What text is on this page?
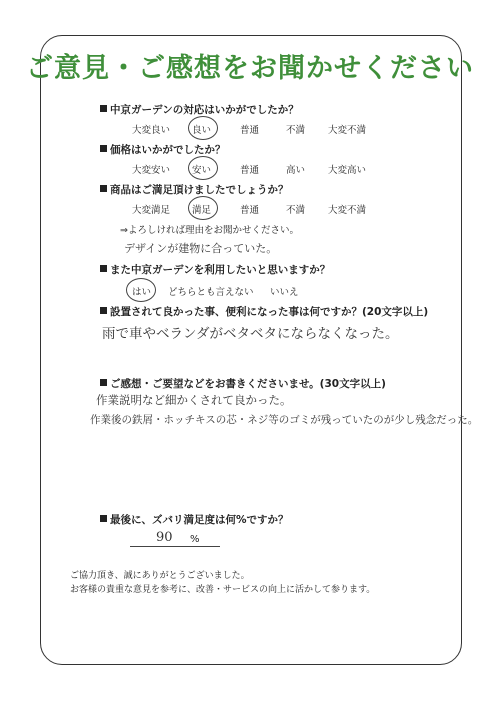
ご意見・ご感想をお聞かせください
中京ガーデンの対応はいかがでしたか？
大変良い 良い	普通	不満 大変不満
価格はいかがでしたか？
大変安い 安い	普通	高い 大変高い
商品はご満足頂けましたでしょうか？
大変満足 満足	普通	不満 大変不満
⇒よろしければ理由をお聞かせください。
デザインが建物に合っていた。
また中京ガーデンを利用したいと思いますか？
はい どちらとも言えない いいえ
設置されて良かった事、便利になった事は何ですか？(20文字以上)
雨で車やベランダがベタベタにならなくなった。
ご感想・ご要望などをお書きくださいませ。(30文字以上)
作業説明など細かくされて良かった。
作業後の鉄屑・ホッチキスの芯・ネジ等のゴミが残っていたのが少し残念だった。
最後に、ズバリ満足度は何%ですか？
90 %
ご協力頂き、誠にありがとうございました。
お客様の貴重な意見を参考に、改善・サービスの向上に活かして参ります。
